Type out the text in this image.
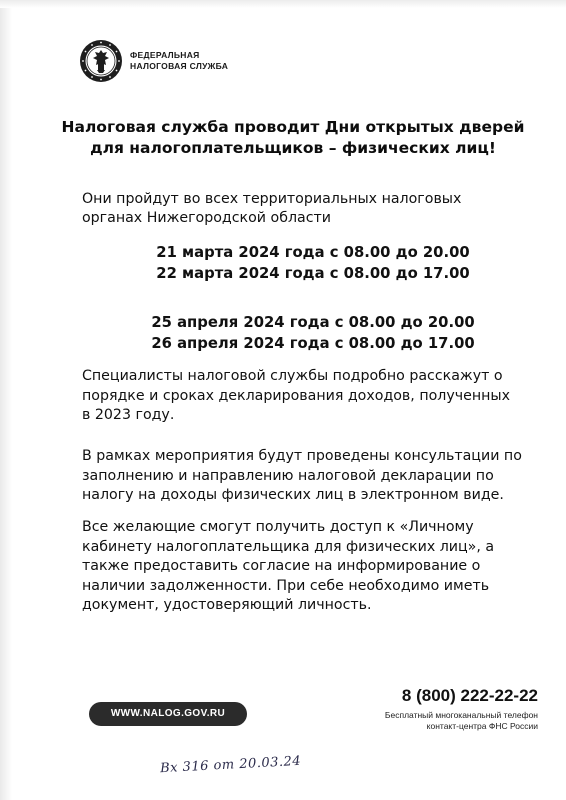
ФЕДЕРАЛЬНАЯ
НАЛОГОВАЯ СЛУЖБА
Налоговая служба проводит Дни открытых дверей
для налогоплательщиков – физических лиц!
Они пройдут во всех территориальных налоговых
органах Нижегородской области
21 марта 2024 года с 08.00 до 20.00
22 марта 2024 года с 08.00 до 17.00
25 апреля 2024 года с 08.00 до 20.00
26 апреля 2024 года с 08.00 до 17.00
Специалисты налоговой службы подробно расскажут о
порядке и сроках декларирования доходов, полученных
в 2023 году.
В рамках мероприятия будут проведены консультации по
заполнению и направлению налоговой декларации по
налогу на доходы физических лиц в электронном виде.
Все желающие смогут получить доступ к «Личному
кабинету налогоплательщика для физических лиц», а
также предоставить согласие на информирование о
наличии задолженности. При себе необходимо иметь
документ, удостоверяющий личность.
WWW.NALOG.GOV.RU
8 (800) 222-22-22
Бесплатный многоканальный телефон
контакт-центра ФНС России
Вх 316 от 20.03.24
